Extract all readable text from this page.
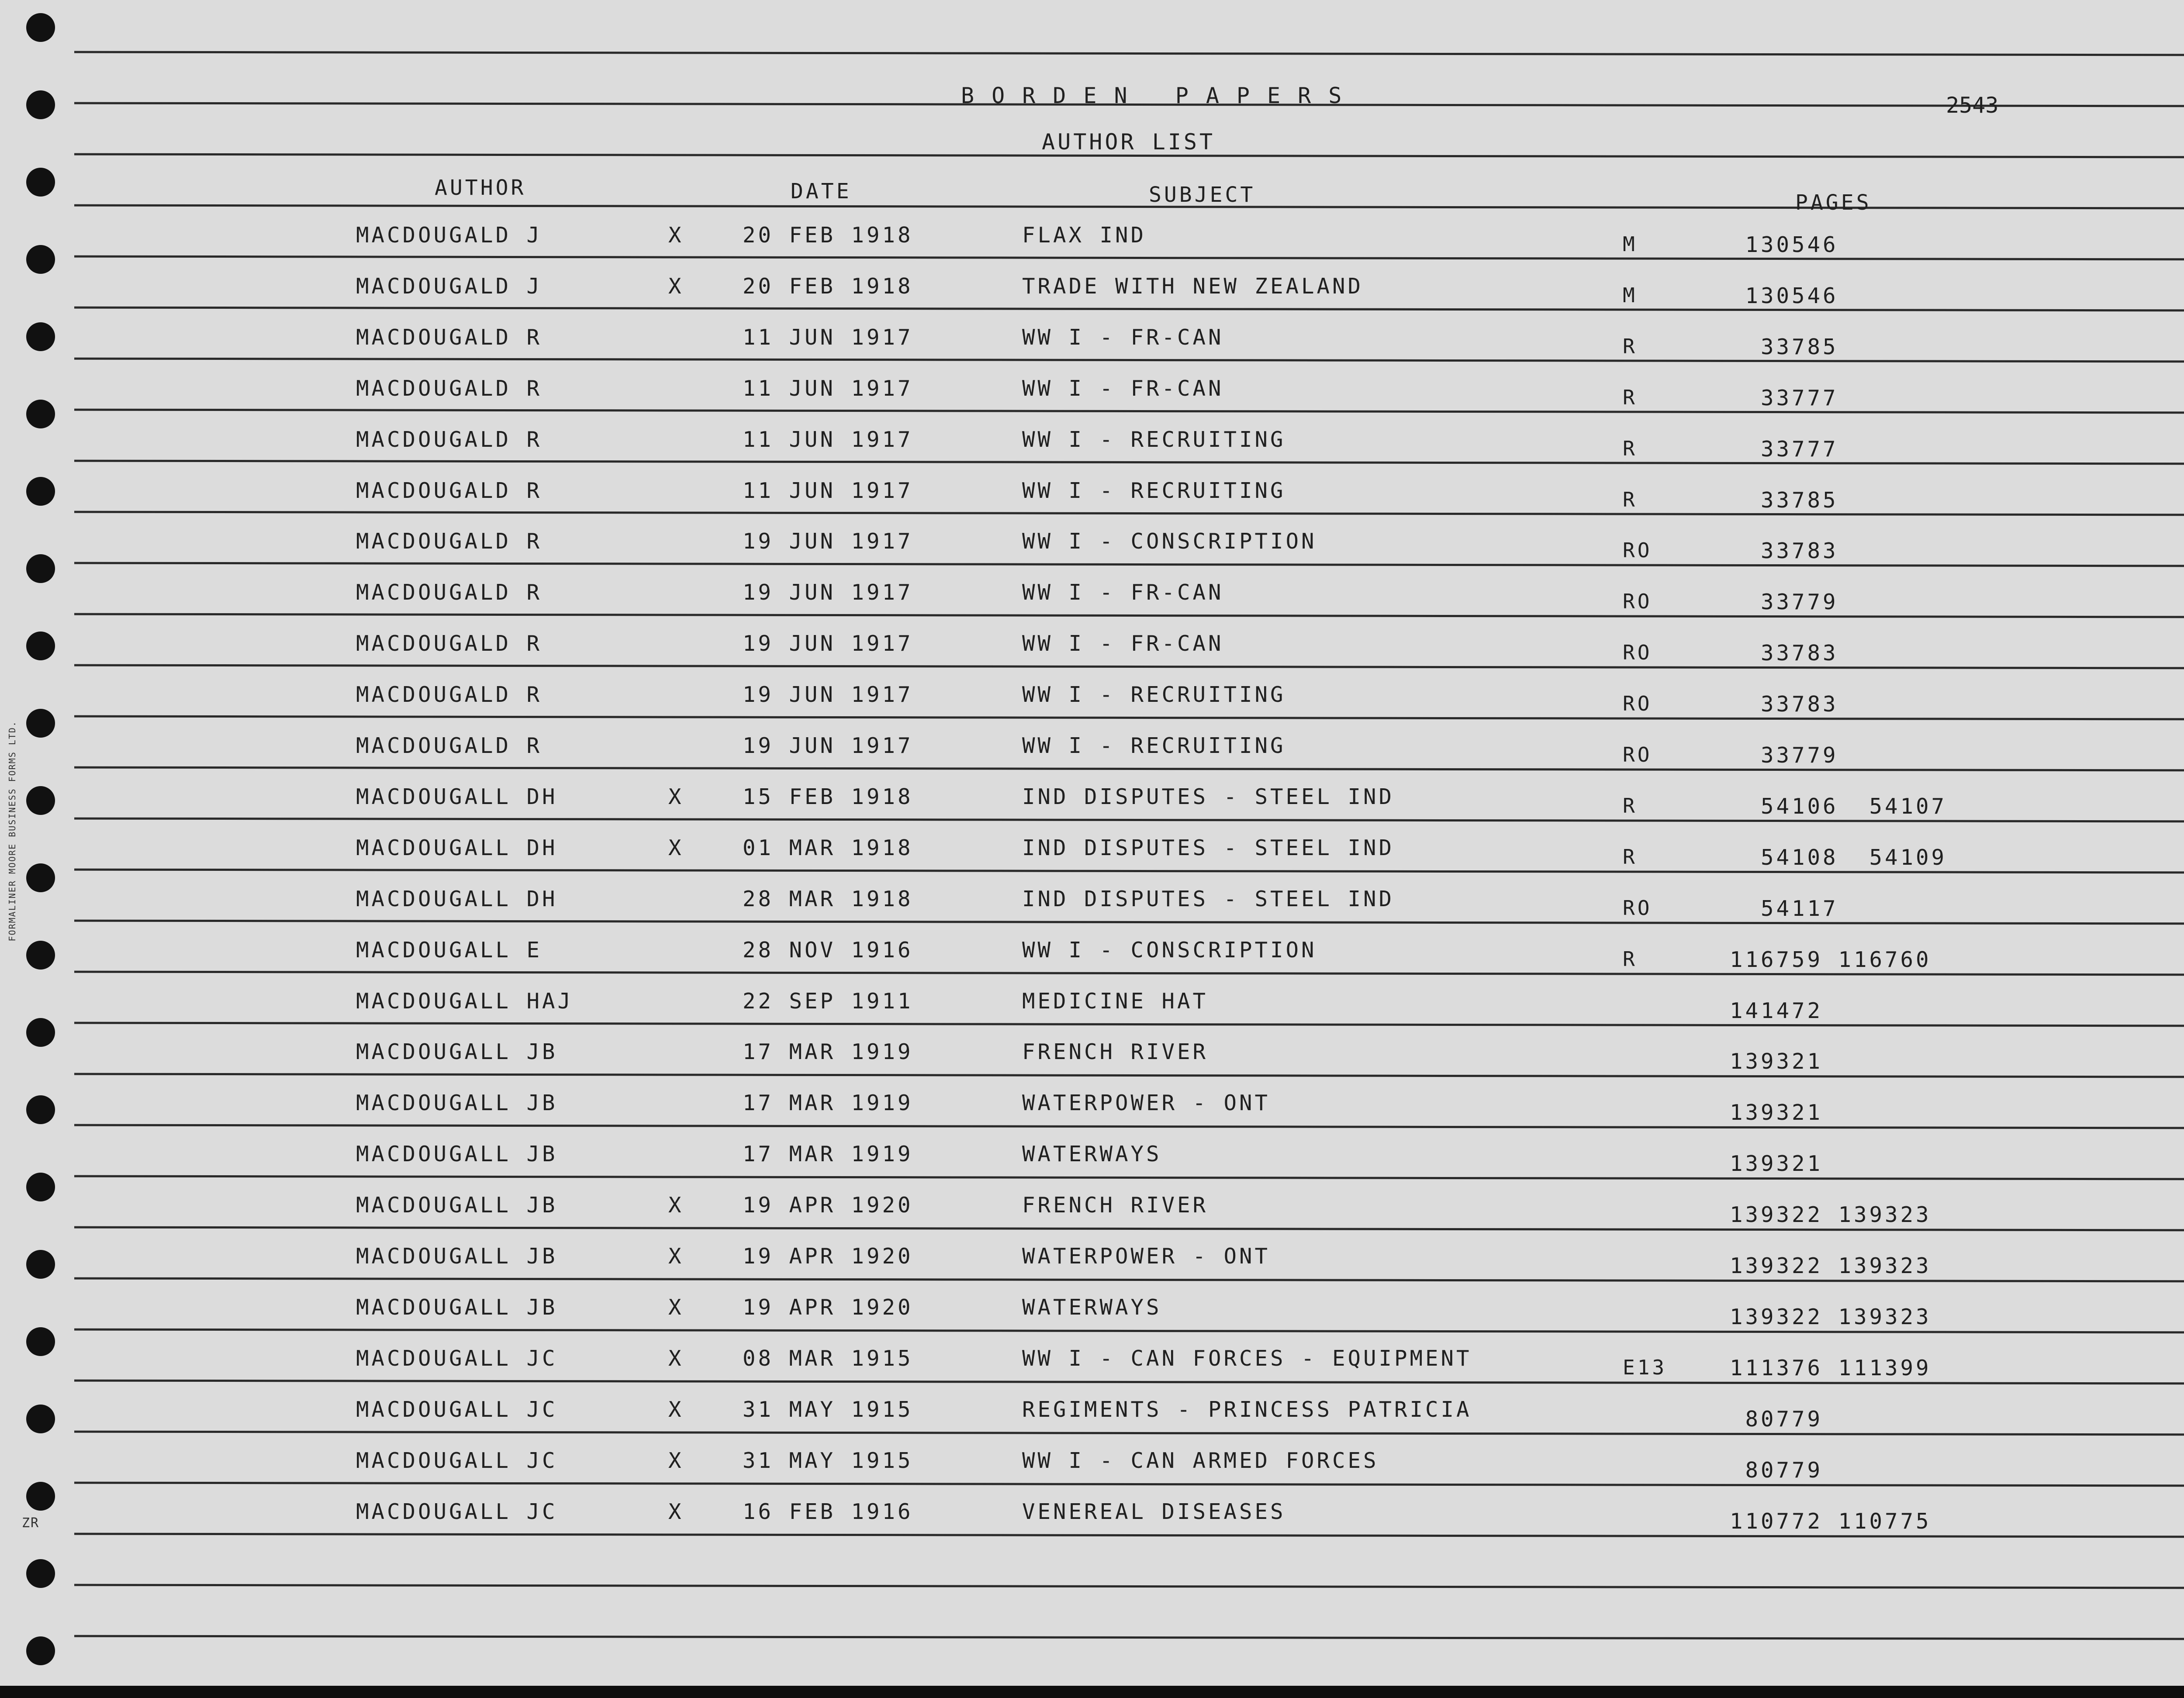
FORMALINER MOORE BUSINESS FORMS LTD.
ZR
BORDEN PAPERS
AUTHOR LIST
2543
AUTHOR	DATE	SUBJECT	PAGES
MACDOUGALD J	X	20 FEB 1918	FLAX IND	M	130546
MACDOUGALD J	X	20 FEB 1918	TRADE WITH NEW ZEALAND	M	130546
MACDOUGALD R	11 JUN 1917	WW I - FR-CAN	R	33785
MACDOUGALD R	11 JUN 1917	WW I - FR-CAN	R	33777
MACDOUGALD R	11 JUN 1917	WW I - RECRUITING	R	33777
MACDOUGALD R	11 JUN 1917	WW I - RECRUITING	R	33785
MACDOUGALD R	19 JUN 1917	WW I - CONSCRIPTION	RO	33783
MACDOUGALD R	19 JUN 1917	WW I - FR-CAN	RO	33779
MACDOUGALD R	19 JUN 1917	WW I - FR-CAN	RO	33783
MACDOUGALD R	19 JUN 1917	WW I - RECRUITING	RO	33783
MACDOUGALD R	19 JUN 1917	WW I - RECRUITING	RO	33779
MACDOUGALL DH	X	15 FEB 1918	IND DISPUTES - STEEL IND	R	54106  54107
MACDOUGALL DH	X	01 MAR 1918	IND DISPUTES - STEEL IND	R	54108  54109
MACDOUGALL DH	28 MAR 1918	IND DISPUTES - STEEL IND	RO	54117
MACDOUGALL E	28 NOV 1916	WW I - CONSCRIPTION	R	116759 116760
MACDOUGALL HAJ	22 SEP 1911	MEDICINE HAT	141472
MACDOUGALL JB	17 MAR 1919	FRENCH RIVER	139321
MACDOUGALL JB	17 MAR 1919	WATERPOWER - ONT	139321
MACDOUGALL JB	17 MAR 1919	WATERWAYS	139321
MACDOUGALL JB	X	19 APR 1920	FRENCH RIVER	139322 139323
MACDOUGALL JB	X	19 APR 1920	WATERPOWER - ONT	139322 139323
MACDOUGALL JB	X	19 APR 1920	WATERWAYS	139322 139323
MACDOUGALL JC	X	08 MAR 1915	WW I - CAN FORCES - EQUIPMENT	E13	111376 111399
MACDOUGALL JC	X	31 MAY 1915	REGIMENTS - PRINCESS PATRICIA	80779
MACDOUGALL JC	X	31 MAY 1915	WW I - CAN ARMED FORCES	80779
MACDOUGALL JC	X	16 FEB 1916	VENEREAL DISEASES	110772 110775
